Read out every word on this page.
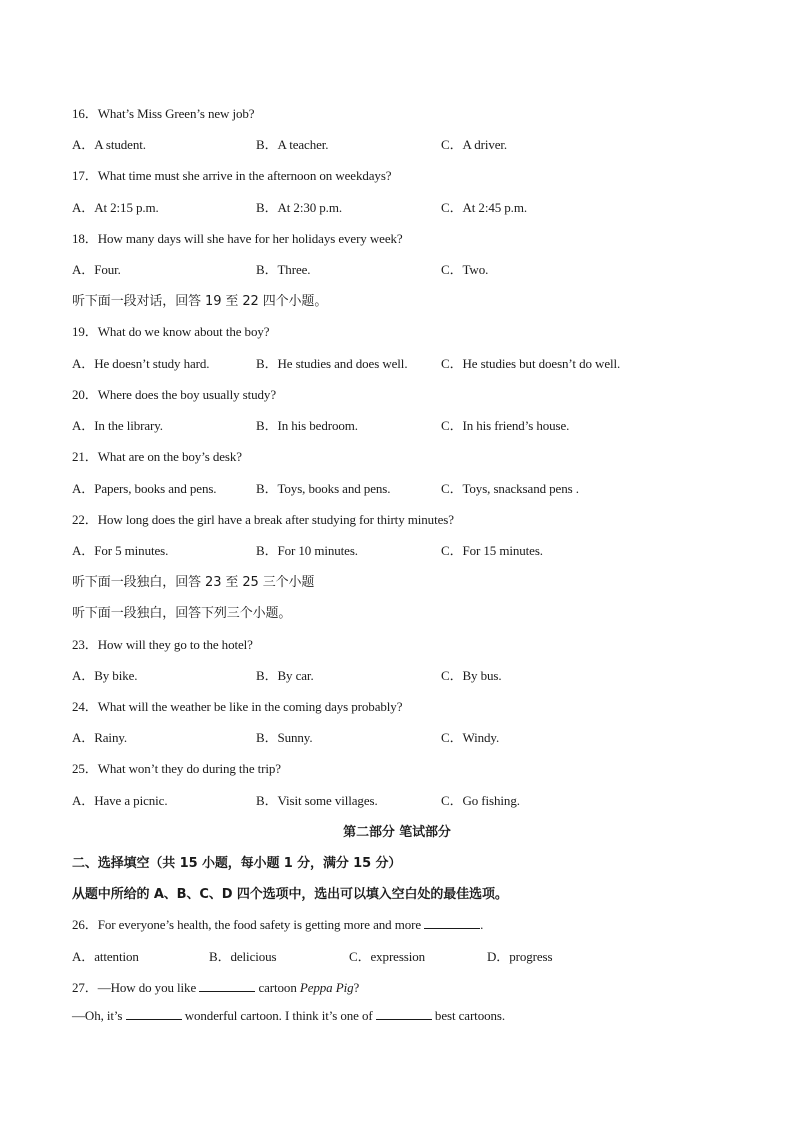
16．What’s Miss Green’s new job?
A．A student.	B．A teacher.	C．A driver.
17．What time must she arrive in the afternoon on weekdays?
A．At 2:15 p.m.	B．At 2:30 p.m.	C．At 2:45 p.m.
18．How many days will she have for her holidays every week?
A．Four.	B．Three.	C．Two.
听下面一段对话，回答 19 至 22 四个小题。
19．What do we know about the boy?
A．He doesn’t study hard.	B．He studies and does well.	C．He studies but doesn’t do well.
20．Where does the boy usually study?
A．In the library.	B．In his bedroom.	C．In his friend’s house.
21．What are on the boy’s desk?
A．Papers, books and pens.	B．Toys, books and pens.	C．Toys, snacksand pens .
22．How long does the girl have a break after studying for thirty minutes?
A．For 5 minutes.	B．For 10 minutes.	C．For 15 minutes.
听下面一段独白，回答 23 至 25 三个小题
听下面一段独白，回答下列三个小题。
23．How will they go to the hotel?
A．By bike.	B．By car.	C．By bus.
24．What will the weather be like in the coming days probably?
A．Rainy.	B．Sunny.	C．Windy.
25．What won’t they do during the trip?
A．Have a picnic.	B．Visit some villages.	C．Go fishing.
第二部分 笔试部分
二、选择填空（共 15 小题，每小题 1 分，满分 15 分）
从题中所给的 A、B、C、D 四个选项中，选出可以填入空白处的最佳选项。
26．For everyone’s health, the food safety is getting more and more	.
A．attention	B．delicious	C．expression	D．progress
27．—How do you like	cartoon Peppa Pig?
—Oh, it’s	wonderful cartoon. I think it’s one of	best cartoons.
